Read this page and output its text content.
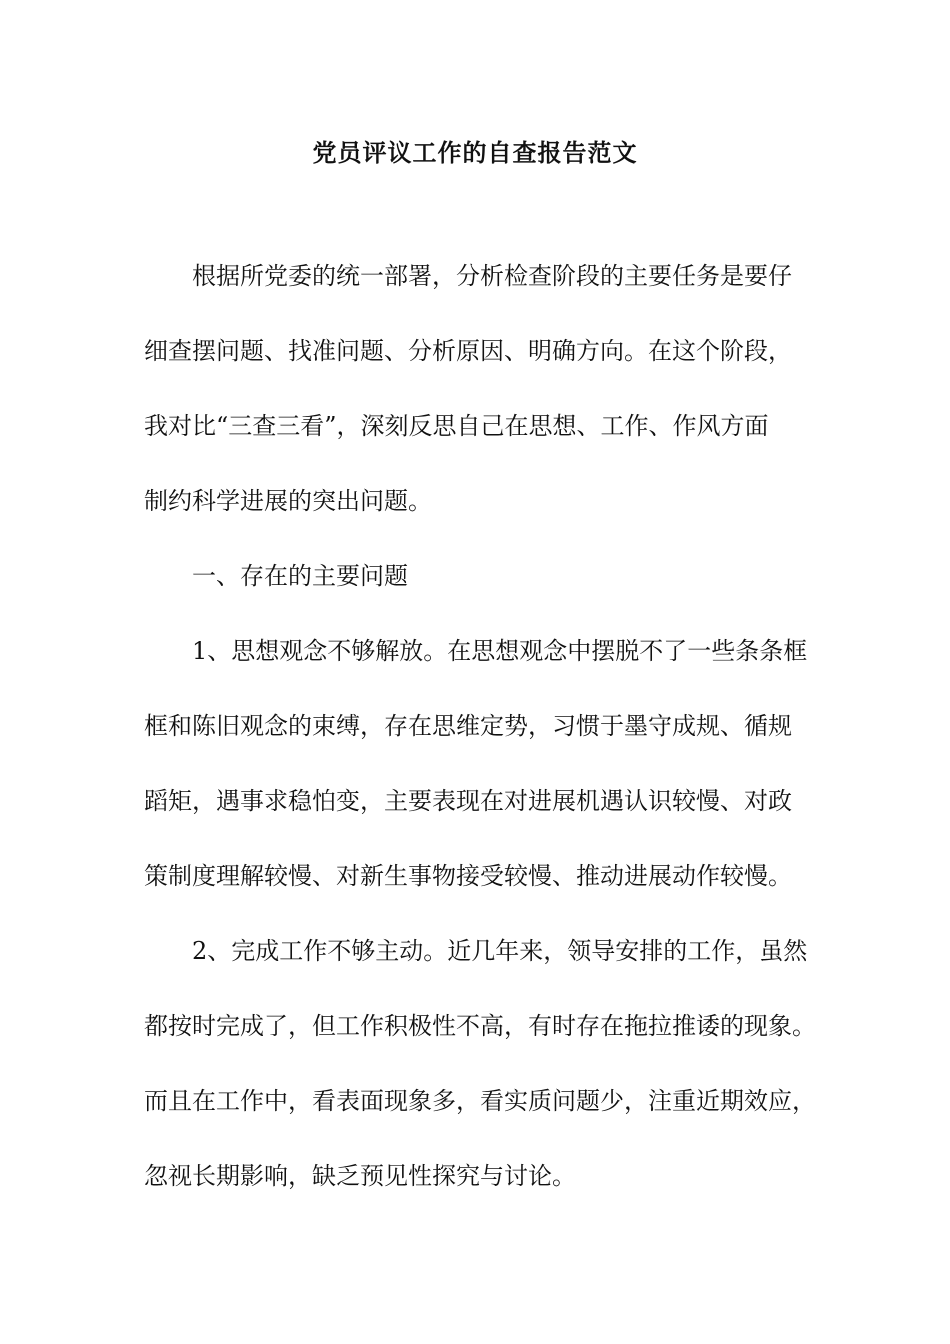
党员评议工作的自查报告范文
根据所党委的统一部署，分析检查阶段的主要任务是要仔
细查摆问题、找准问题、分析原因、明确方向。在这个阶段，
我对比“三查三看”，深刻反思自己在思想、工作、作风方面
制约科学进展的突出问题。
一、存在的主要问题
1、思想观念不够解放。在思想观念中摆脱不了一些条条框
框和陈旧观念的束缚，存在思维定势，习惯于墨守成规、循规
蹈矩，遇事求稳怕变，主要表现在对进展机遇认识较慢、对政
策制度理解较慢、对新生事物接受较慢、推动进展动作较慢。
2、完成工作不够主动。近几年来，领导安排的工作，虽然
都按时完成了，但工作积极性不高，有时存在拖拉推诿的现象。
而且在工作中，看表面现象多，看实质问题少，注重近期效应，
忽视长期影响，缺乏预见性探究与讨论。
